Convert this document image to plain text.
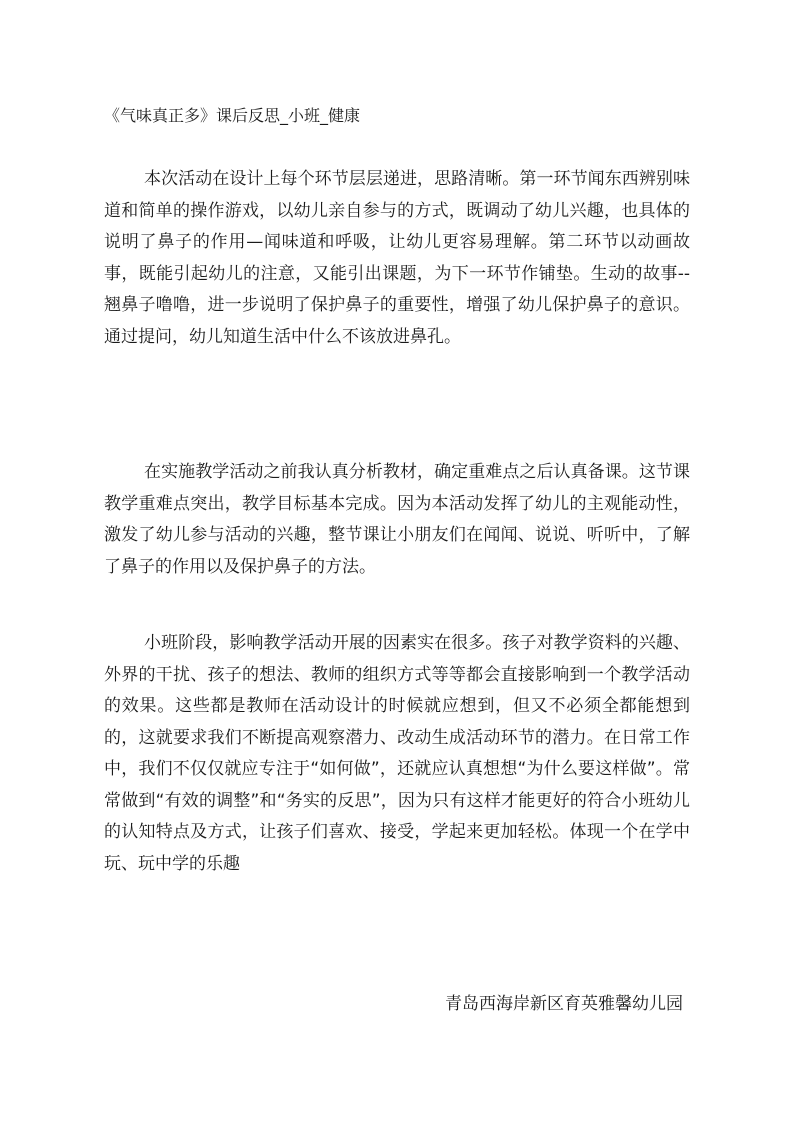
《气味真正多》课后反思_小班_健康

本次活动在设计上每个环节层层递进，思路清晰。第一环节闻东西辨别味道和简单的操作游戏，以幼儿亲自参与的方式，既调动了幼儿兴趣，也具体的说明了鼻子的作用—闻味道和呼吸，让幼儿更容易理解。第二环节以动画故事，既能引起幼儿的注意，又能引出课题，为下一环节作铺垫。生动的故事--翘鼻子噜噜，进一步说明了保护鼻子的重要性，增强了幼儿保护鼻子的意识。通过提问，幼儿知道生活中什么不该放进鼻孔。

在实施教学活动之前我认真分析教材，确定重难点之后认真备课。这节课教学重难点突出，教学目标基本完成。因为本活动发挥了幼儿的主观能动性，激发了幼儿参与活动的兴趣，整节课让小朋友们在闻闻、说说、听听中，了解了鼻子的作用以及保护鼻子的方法。

小班阶段，影响教学活动开展的因素实在很多。孩子对教学资料的兴趣、外界的干扰、孩子的想法、教师的组织方式等等都会直接影响到一个教学活动的效果。这些都是教师在活动设计的时候就应想到，但又不必须全都能想到的，这就要求我们不断提高观察潜力、改动生成活动环节的潜力。在日常工作中，我们不仅仅就应专注于“如何做”，还就应认真想想“为什么要这样做”。常常做到“有效的调整”和“务实的反思”，因为只有这样才能更好的符合小班幼儿的认知特点及方式，让孩子们喜欢、接受，学起来更加轻松。体现一个在学中玩、玩中学的乐趣

青岛西海岸新区育英雅馨幼儿园
